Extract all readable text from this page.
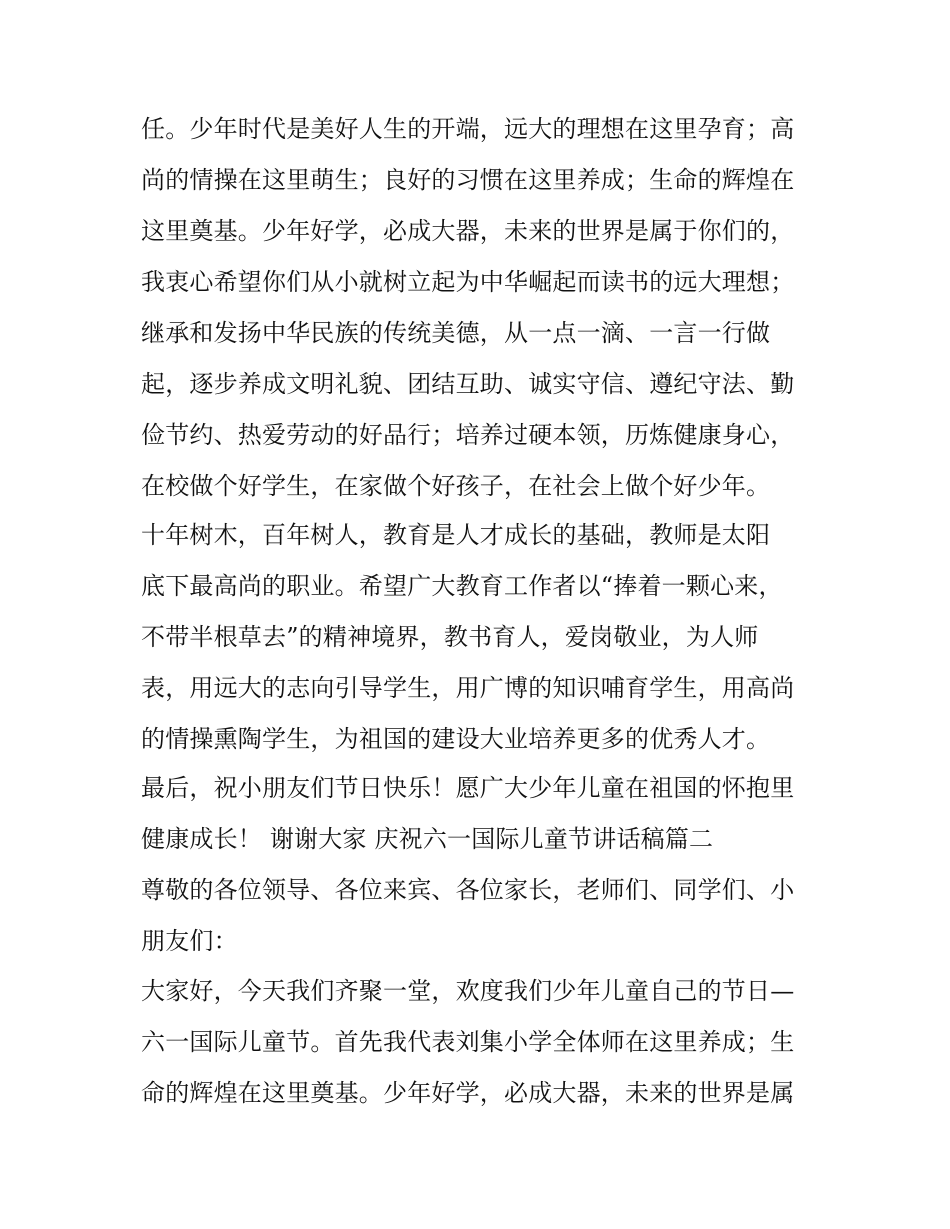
任。少年时代是美好人生的开端，远大的理想在这里孕育；高
尚的情操在这里萌生；良好的习惯在这里养成；生命的辉煌在
这里奠基。少年好学，必成大器，未来的世界是属于你们的，
我衷心希望你们从小就树立起为中华崛起而读书的远大理想；
继承和发扬中华民族的传统美德，从一点一滴、一言一行做
起，逐步养成文明礼貌、团结互助、诚实守信、遵纪守法、勤
俭节约、热爱劳动的好品行；培养过硬本领，历炼健康身心，
在校做个好学生，在家做个好孩子，在社会上做个好少年。
十年树木，百年树人，教育是人才成长的基础，教师是太阳
底下最高尚的职业。希望广大教育工作者以“捧着一颗心来，
不带半根草去”的精神境界，教书育人，爱岗敬业，为人师
表，用远大的志向引导学生，用广博的知识哺育学生，用高尚
的情操熏陶学生，为祖国的建设大业培养更多的优秀人才。
最后，祝小朋友们节日快乐！愿广大少年儿童在祖国的怀抱里
健康成长！ 谢谢大家 庆祝六一国际儿童节讲话稿篇二
尊敬的各位领导、各位来宾、各位家长，老师们、同学们、小
朋友们：
大家好，今天我们齐聚一堂，欢度我们少年儿童自己的节日—
六一国际儿童节。首先我代表刘集小学全体师在这里养成；生
命的辉煌在这里奠基。少年好学，必成大器，未来的世界是属
